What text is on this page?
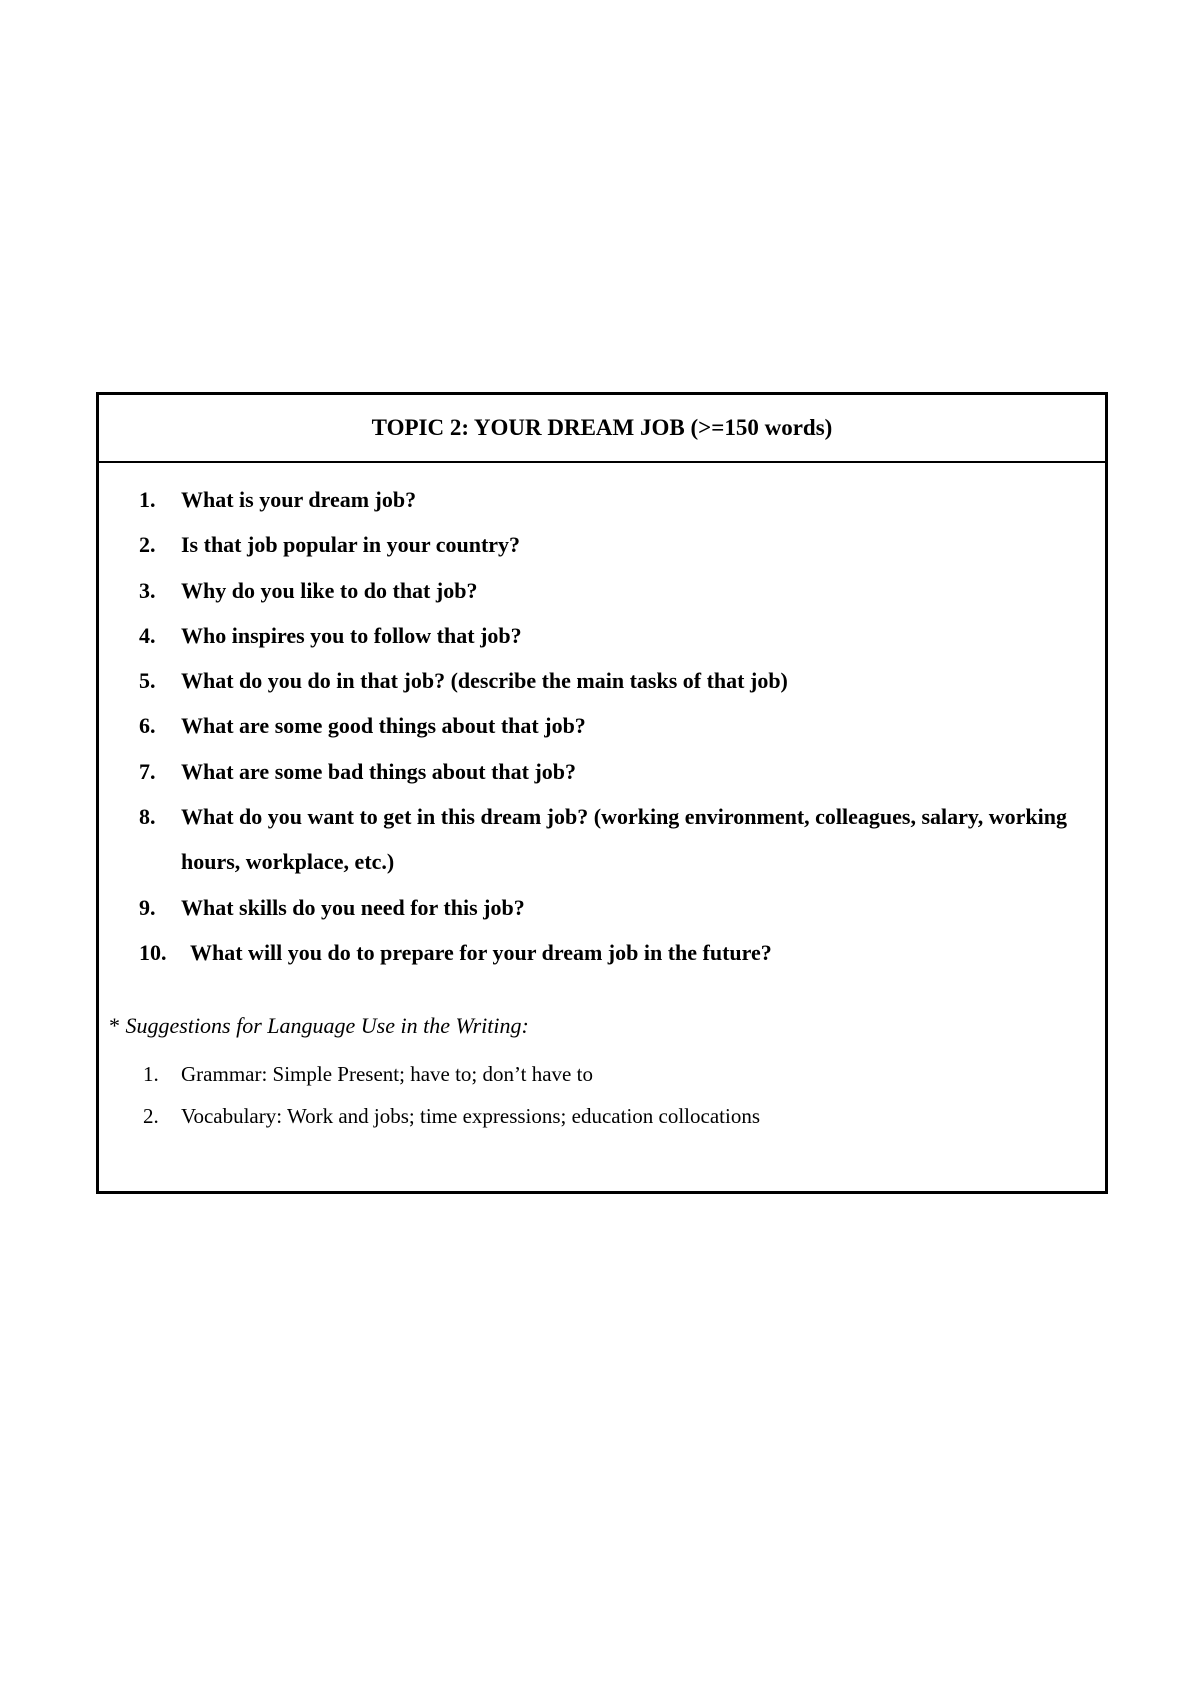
TOPIC 2: YOUR DREAM JOB (>=150 words)
1. What is your dream job?
2. Is that job popular in your country?
3. Why do you like to do that job?
4. Who inspires you to follow that job?
5. What do you do in that job? (describe the main tasks of that job)
6. What are some good things about that job?
7. What are some bad things about that job?
8. What do you want to get in this dream job? (working environment, colleagues, salary, working hours, workplace, etc.)
9. What skills do you need for this job?
10. What will you do to prepare for your dream job in the future?
* Suggestions for Language Use in the Writing:
1. Grammar: Simple Present; have to; don’t have to
2. Vocabulary: Work and jobs; time expressions; education collocations
